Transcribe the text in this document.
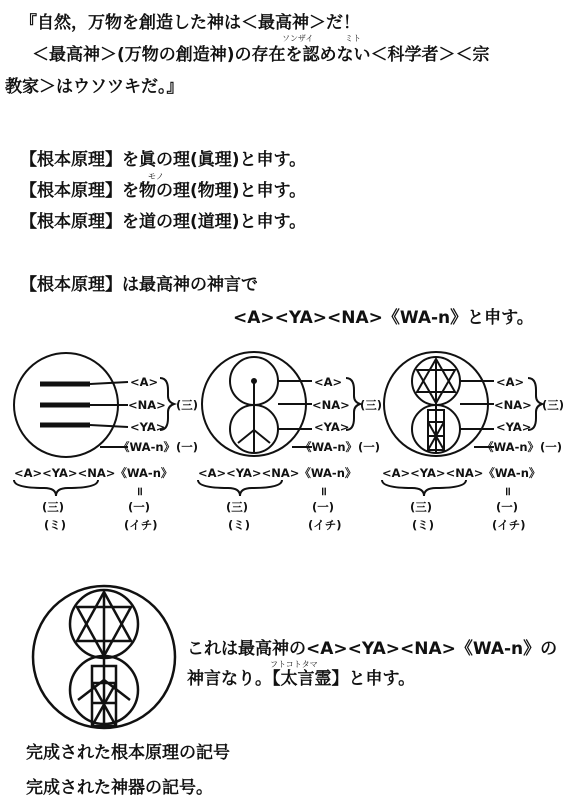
ソンザイ	ミト
『自然，万物を創造した神は＜最高神＞だ！
＜最高神＞(万物の創造神)の存在を認めない＜科学者＞＜宗
教家＞はウソツキだ。』
モノ
【根本原理】を眞の理(眞理)と申す。
【根本原理】を物の理(物理)と申す。
【根本原理】を道の理(道理)と申す。
【根本原理】は最高神の神言で
<A><YA><NA>《WA-n》と申す。
<A>
<NA>
<YA>
《WA-n》
(三)
(一)
<A><YA><NA>《WA-n》
॥
(三)	(一)
(ミ)	(イチ)
<A>
<NA>
<YA>
《WA-n》
(三)
(一)
<A><YA><NA>《WA-n》
॥
(三)	(一)
(ミ)	(イチ)
<A>
<NA>
<YA>
《WA-n》
(三)
(一)
<A><YA><NA>《WA-n》
॥
(三)	(一)
(ミ)	(イチ)
フトコトタマ
これは最高神の<A><YA><NA>《WA-n》の
神言なり。【太言霊】と申す。
完成された根本原理の記号
完成された神器の記号。
